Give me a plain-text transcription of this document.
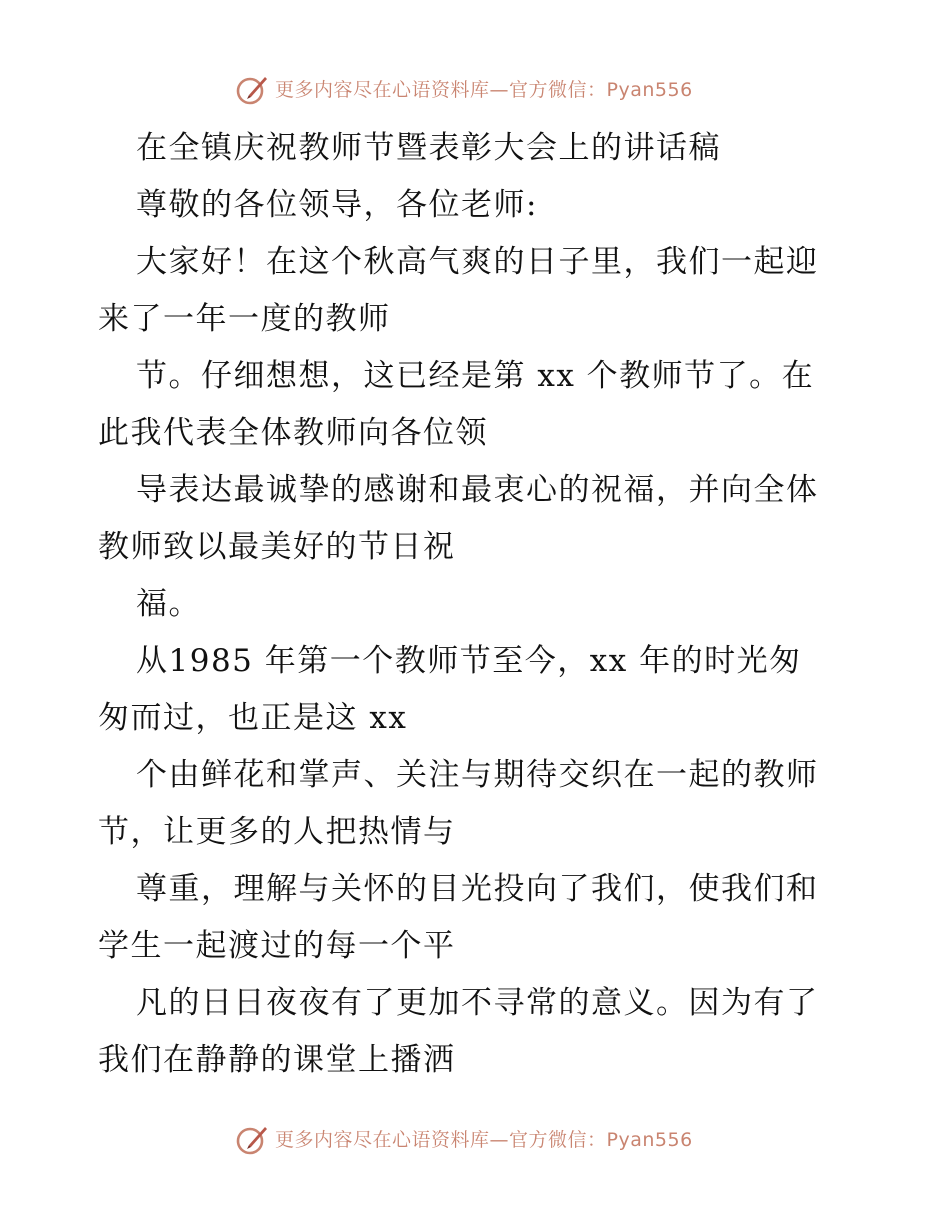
更多内容尽在心语资料库—官方微信：Pyan556
在全镇庆祝教师节暨表彰大会上的讲话稿
尊敬的各位领导，各位老师:
大家好！在这个秋高气爽的日子里，我们一起迎
来了一年一度的教师
节。仔细想想，这已经是第 xx 个教师节了。在
此我代表全体教师向各位领
导表达最诚挚的感谢和最衷心的祝福，并向全体
教师致以最美好的节日祝
福。
从1985 年第一个教师节至今，xx 年的时光匆
匆而过，也正是这 xx
个由鲜花和掌声、关注与期待交织在一起的教师
节，让更多的人把热情与
尊重，理解与关怀的目光投向了我们，使我们和
学生一起渡过的每一个平
凡的日日夜夜有了更加不寻常的意义。因为有了
我们在静静的课堂上播洒
更多内容尽在心语资料库—官方微信：Pyan556
